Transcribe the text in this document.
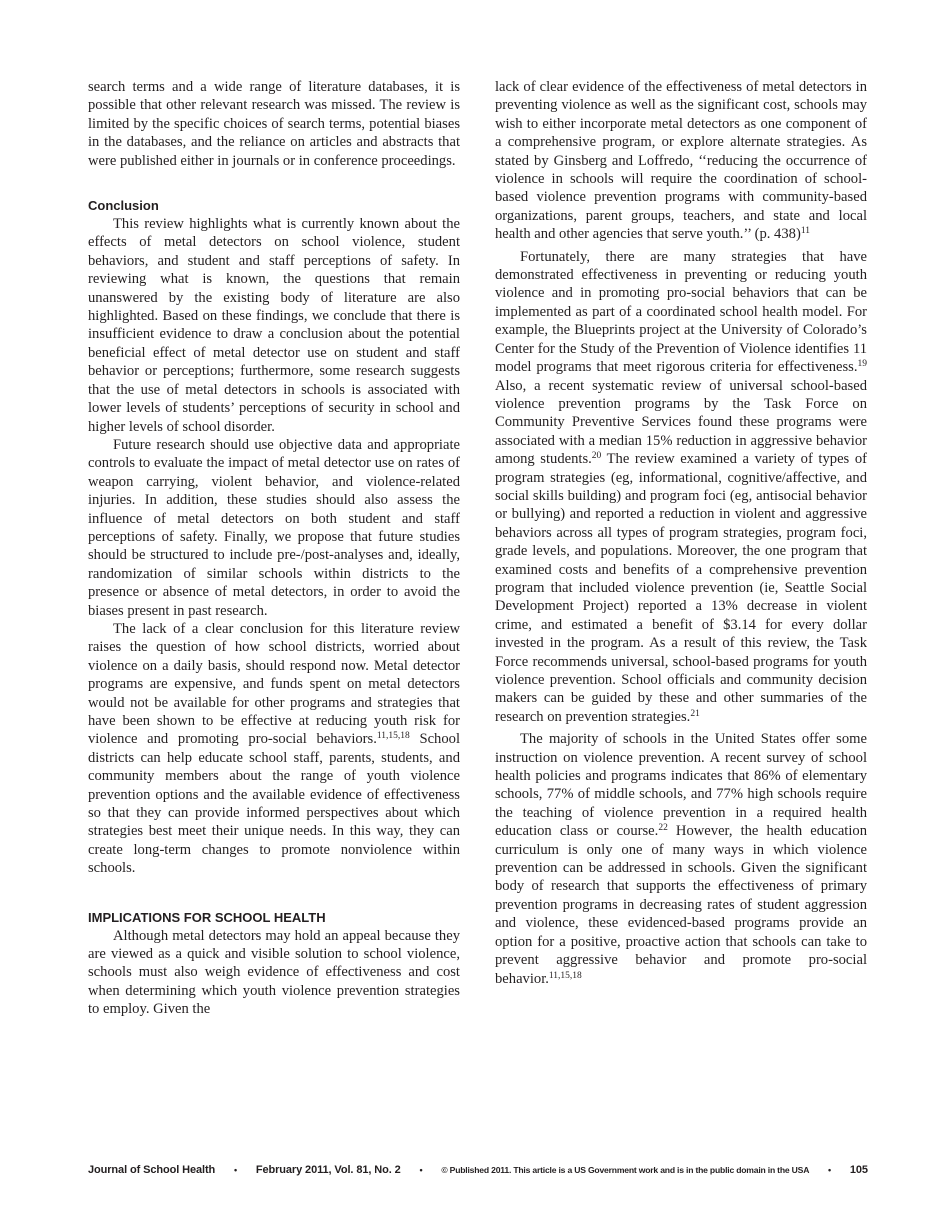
search terms and a wide range of literature databases, it is possible that other relevant research was missed. The review is limited by the specific choices of search terms, potential biases in the databases, and the reliance on articles and abstracts that were published either in journals or in conference proceedings.

Conclusion

This review highlights what is currently known about the effects of metal detectors on school violence, student behaviors, and student and staff perceptions of safety. In reviewing what is known, the questions that remain unanswered by the existing body of literature are also highlighted. Based on these findings, we conclude that there is insufficient evidence to draw a conclusion about the potential beneficial effect of metal detector use on student and staff behavior or perceptions; furthermore, some research suggests that the use of metal detectors in schools is associated with lower levels of students’ perceptions of security in school and higher levels of school disorder.

Future research should use objective data and appropriate controls to evaluate the impact of metal detector use on rates of weapon carrying, violent behavior, and violence-related injuries. In addition, these studies should also assess the influence of metal detectors on both student and staff perceptions of safety. Finally, we propose that future studies should be structured to include pre-/post-analyses and, ideally, randomization of similar schools within districts to the presence or absence of metal detectors, in order to avoid the biases present in past research.

The lack of a clear conclusion for this literature review raises the question of how school districts, worried about violence on a daily basis, should respond now. Metal detector programs are expensive, and funds spent on metal detectors would not be available for other programs and strategies that have been shown to be effective at reducing youth risk for violence and promoting pro-social behaviors.$^{11,15,18}$ School districts can help educate school staff, parents, students, and community members about the range of youth violence prevention options and the available evidence of effectiveness so that they can provide informed perspectives about which strategies best meet their unique needs. In this way, they can create long-term changes to promote nonviolence within schools.

IMPLICATIONS FOR SCHOOL HEALTH

Although metal detectors may hold an appeal because they are viewed as a quick and visible solution to school violence, schools must also weigh evidence of effectiveness and cost when determining which youth violence prevention strategies to employ. Given the

lack of clear evidence of the effectiveness of metal detectors in preventing violence as well as the significant cost, schools may wish to either incorporate metal detectors as one component of a comprehensive program, or explore alternate strategies. As stated by Ginsberg and Loffredo, ‘‘reducing the occurrence of violence in schools will require the coordination of school-based violence prevention programs with community-based organizations, parent groups, teachers, and state and local health and other agencies that serve youth.’’ (p. 438)$^{11}$

Fortunately, there are many strategies that have demonstrated effectiveness in preventing or reducing youth violence and in promoting pro-social behaviors that can be implemented as part of a coordinated school health model. For example, the Blueprints project at the University of Colorado’s Center for the Study of the Prevention of Violence identifies 11 model programs that meet rigorous criteria for effectiveness.$^{19}$ Also, a recent systematic review of universal school-based violence prevention programs by the Task Force on Community Preventive Services found these programs were associated with a median 15% reduction in aggressive behavior among students.$^{20}$ The review examined a variety of types of program strategies (eg, informational, cognitive/affective, and social skills building) and program foci (eg, antisocial behavior or bullying) and reported a reduction in violent and aggressive behaviors across all types of program strategies, program foci, grade levels, and populations. Moreover, the one program that examined costs and benefits of a comprehensive prevention program that included violence prevention (ie, Seattle Social Development Project) reported a 13% decrease in violent crime, and estimated a benefit of $3.14 for every dollar invested in the program. As a result of this review, the Task Force recommends universal, school-based programs for youth violence prevention. School officials and community decision makers can be guided by these and other summaries of the research on prevention strategies.$^{21}$

The majority of schools in the United States offer some instruction on violence prevention. A recent survey of school health policies and programs indicates that 86% of elementary schools, 77% of middle schools, and 77% high schools require the teaching of violence prevention in a required health education class or course.$^{22}$ However, the health education curriculum is only one of many ways in which violence prevention can be addressed in schools. Given the significant body of research that supports the effectiveness of primary prevention programs in decreasing rates of student aggression and violence, these evidenced-based programs provide an option for a positive, proactive action that schools can take to prevent aggressive behavior and promote pro-social behavior.$^{11,15,18}$

Journal of School Health • February 2011, Vol. 81, No. 2 • © Published 2011. This article is a US Government work and is in the public domain in the USA • 105
